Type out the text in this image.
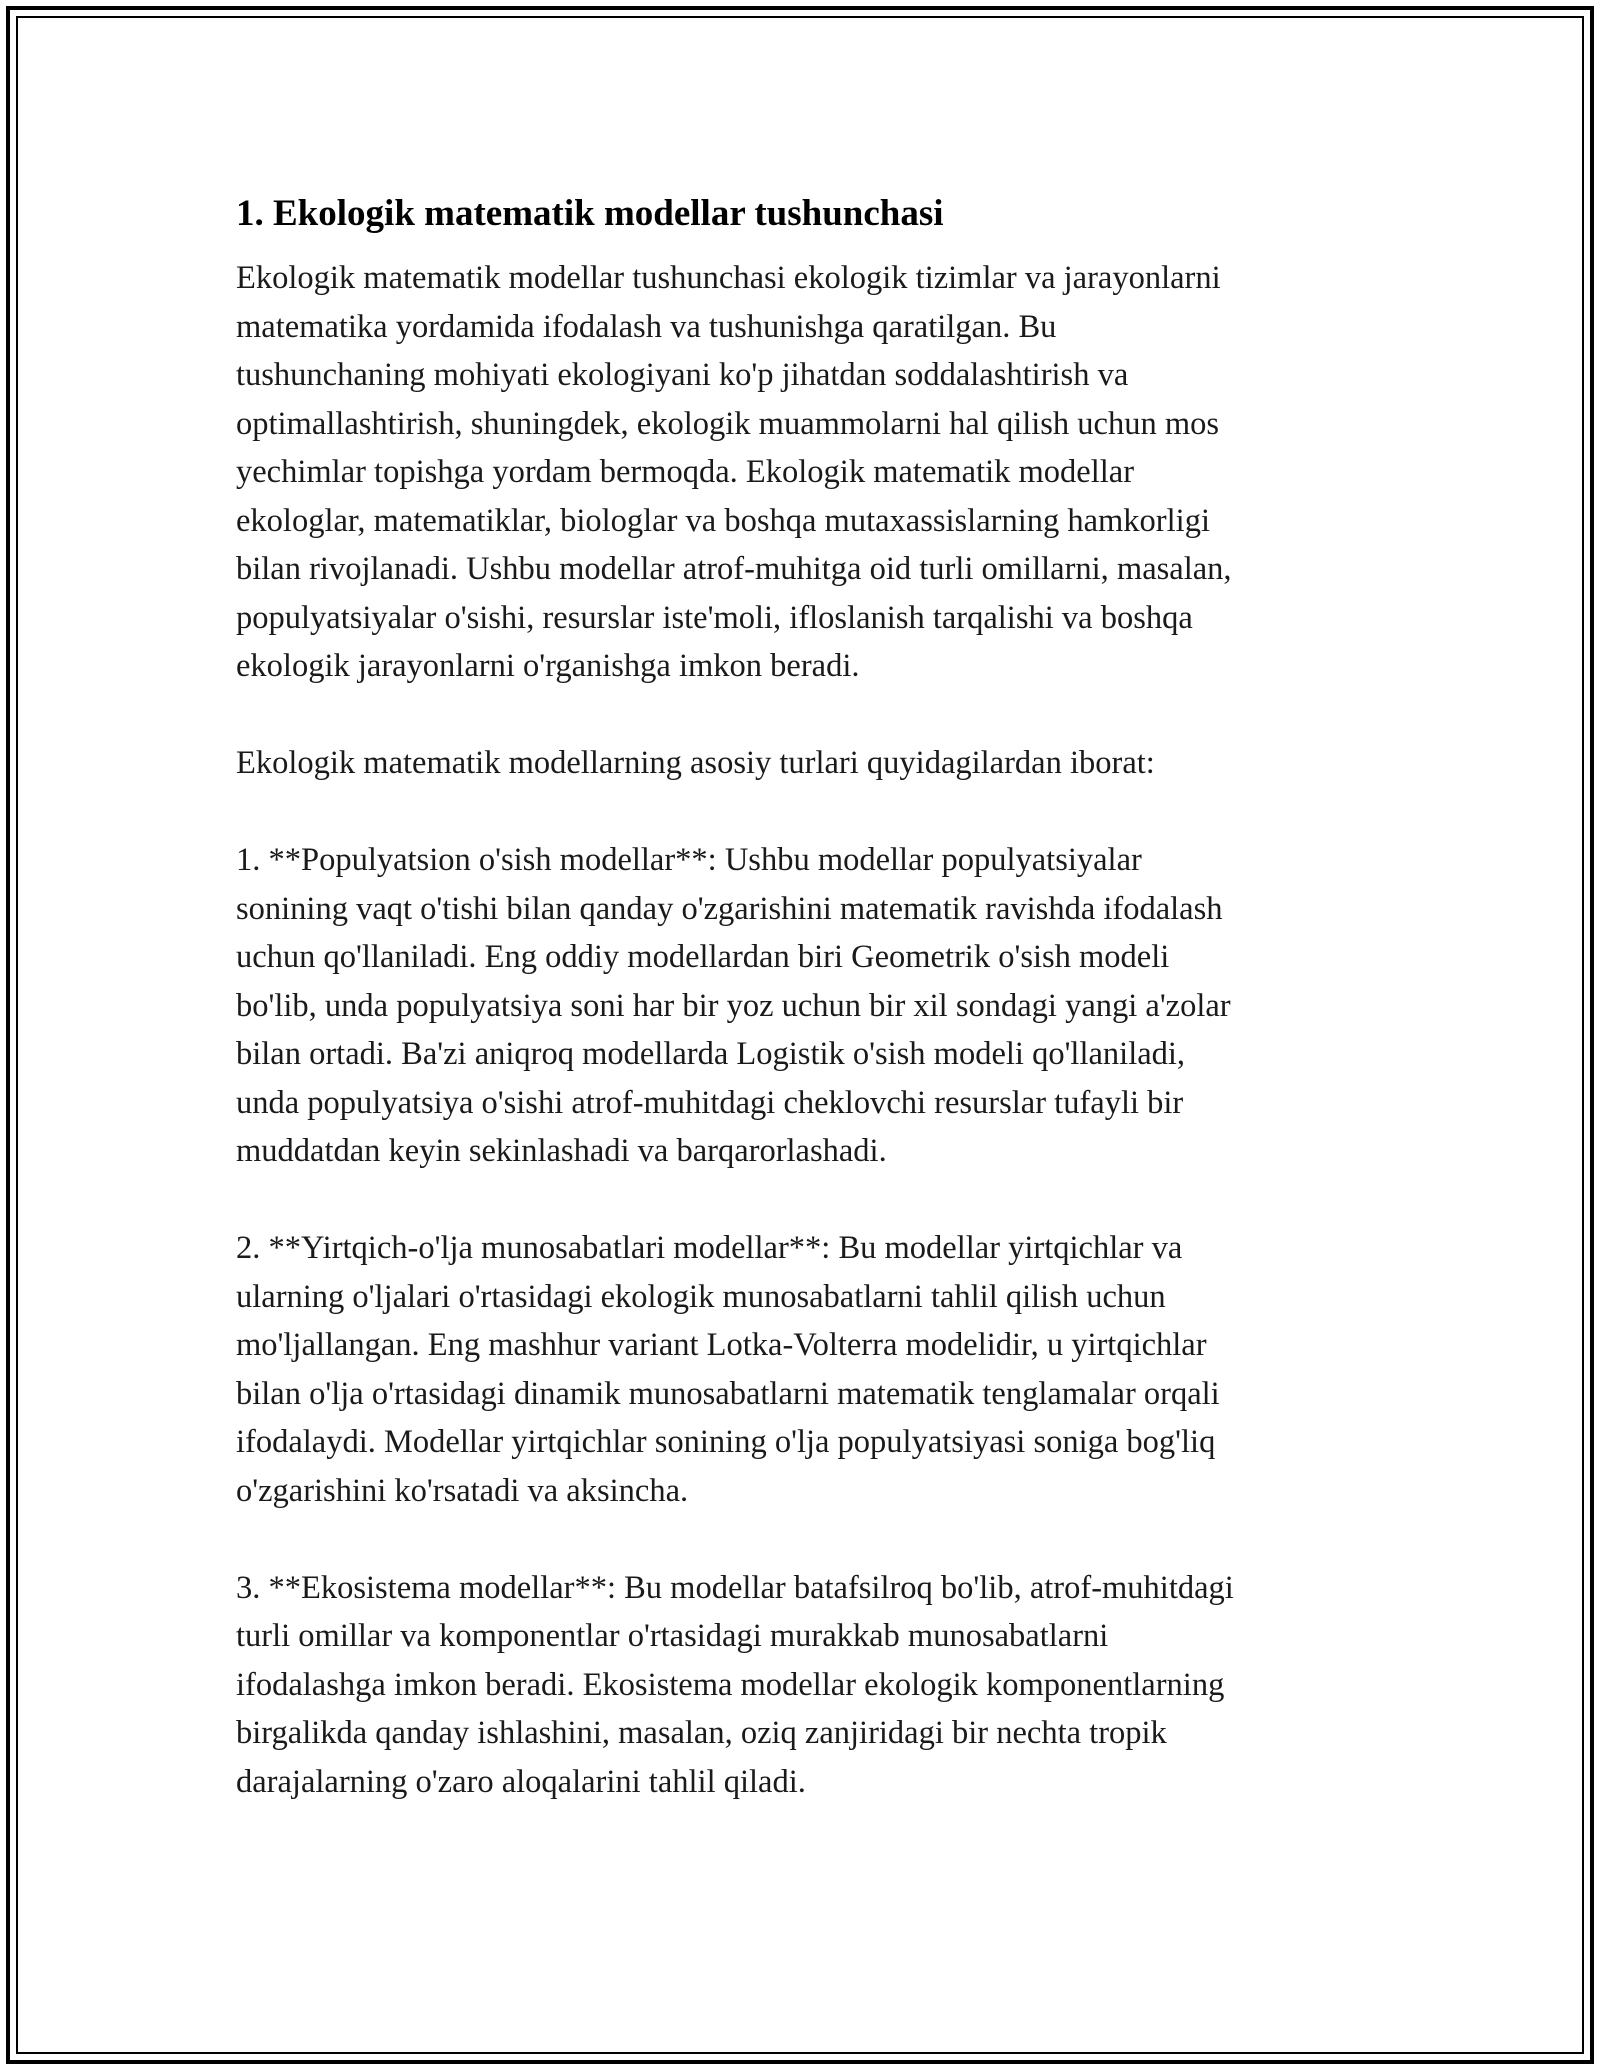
1. Ekologik matematik modellar tushunchasi

Ekologik matematik modellar tushunchasi ekologik tizimlar va jarayonlarni
matematika yordamida ifodalash va tushunishga qaratilgan. Bu
tushunchaning mohiyati ekologiyani ko'p jihatdan soddalashtirish va
optimallashtirish, shuningdek, ekologik muammolarni hal qilish uchun mos
yechimlar topishga yordam bermoqda. Ekologik matematik modellar
ekologlar, matematiklar, biologlar va boshqa mutaxassislarning hamkorligi
bilan rivojlanadi. Ushbu modellar atrof-muhitga oid turli omillarni, masalan,
populyatsiyalar o'sishi, resurslar iste'moli, ifloslanish tarqalishi va boshqa
ekologik jarayonlarni o'rganishga imkon beradi.

Ekologik matematik modellarning asosiy turlari quyidagilardan iborat:

1. **Populyatsion o'sish modellar**: Ushbu modellar populyatsiyalar
sonining vaqt o'tishi bilan qanday o'zgarishini matematik ravishda ifodalash
uchun qo'llaniladi. Eng oddiy modellardan biri Geometrik o'sish modeli
bo'lib, unda populyatsiya soni har bir yoz uchun bir xil sondagi yangi a'zolar
bilan ortadi. Ba'zi aniqroq modellarda Logistik o'sish modeli qo'llaniladi,
unda populyatsiya o'sishi atrof-muhitdagi cheklovchi resurslar tufayli bir
muddatdan keyin sekinlashadi va barqarorlashadi.

2. **Yirtqich-o'lja munosabatlari modellar**: Bu modellar yirtqichlar va
ularning o'ljalari o'rtasidagi ekologik munosabatlarni tahlil qilish uchun
mo'ljallangan. Eng mashhur variant Lotka-Volterra modelidir, u yirtqichlar
bilan o'lja o'rtasidagi dinamik munosabatlarni matematik tenglamalar orqali
ifodalaydi. Modellar yirtqichlar sonining o'lja populyatsiyasi soniga bog'liq
o'zgarishini ko'rsatadi va aksincha.

3. **Ekosistema modellar**: Bu modellar batafsilroq bo'lib, atrof-muhitdagi
turli omillar va komponentlar o'rtasidagi murakkab munosabatlarni
ifodalashga imkon beradi. Ekosistema modellar ekologik komponentlarning
birgalikda qanday ishlashini, masalan, oziq zanjiridagi bir nechta tropik
darajalarning o'zaro aloqalarini tahlil qiladi.
